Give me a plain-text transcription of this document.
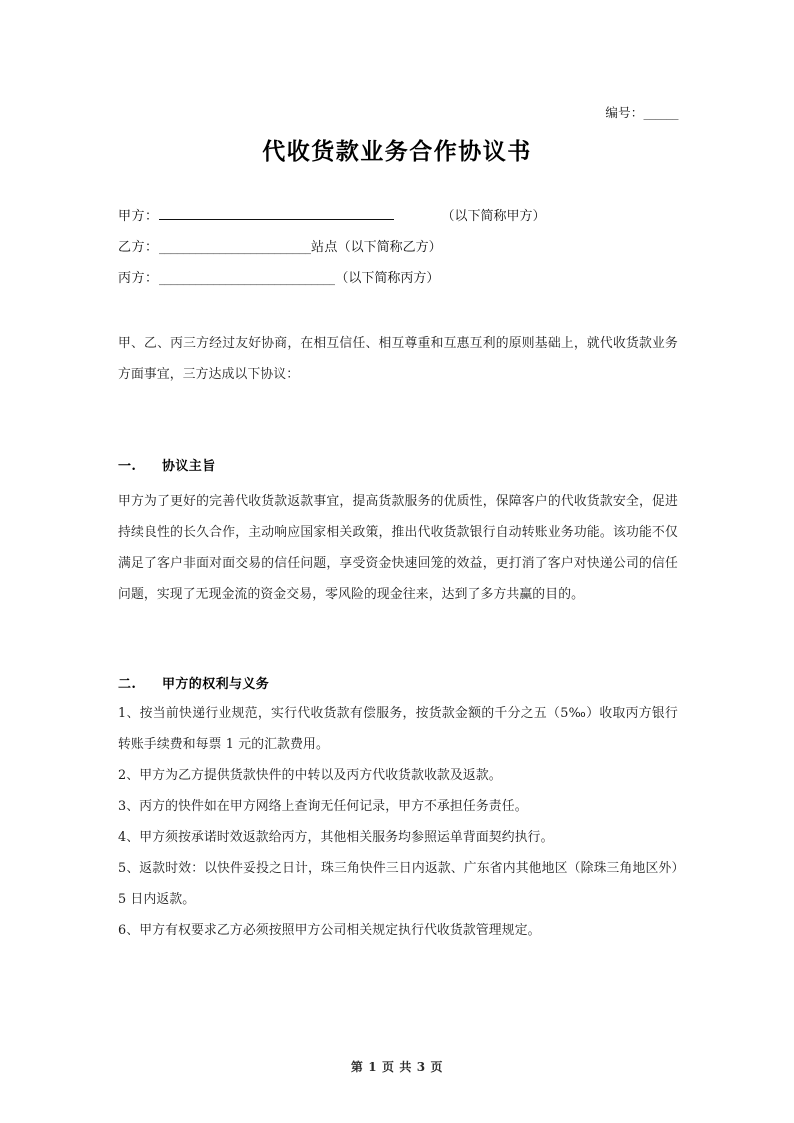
编号：______
代收货款业务合作协议书
甲方：	（以下简称甲方）
乙方： _________________________ 站点 （以下简称乙方）
丙方： _____________________________ （以下简称丙方）

甲、乙、丙三方经过友好协商，在相互信任、相互尊重和互惠互利的原则基础上，就代收货款业务方面事宜，三方达成以下协议：

一. 协议主旨

甲方为了更好的完善代收货款返款事宜，提高货款服务的优质性，保障客户的代收货款安全，促进持续良性的长久合作，主动响应国家相关政策，推出代收货款银行自动转账业务功能。该功能不仅满足了客户非面对面交易的信任问题，享受资金快速回笼的效益，更打消了客户对快递公司的信任问题，实现了无现金流的资金交易，零风险的现金往来，达到了多方共赢的目的。

二. 甲方的权利与义务

1、按当前快递行业规范，实行代收货款有偿服务，按货款金额的千分之五（5‰）收取丙方银行转账手续费和每票 1 元的汇款费用。

2、甲方为乙方提供货款快件的中转以及丙方代收货款收款及返款。

3、丙方的快件如在甲方网络上查询无任何记录，甲方不承担任务责任。

4、甲方须按承诺时效返款给丙方，其他相关服务均参照运单背面契约执行。

5、返款时效：以快件妥投之日计，珠三角快件三日内返款、广东省内其他地区（除珠三角地区外）5 日内返款。

6、甲方有权要求乙方必须按照甲方公司相关规定执行代收货款管理规定。

第 1 页 共 3 页
